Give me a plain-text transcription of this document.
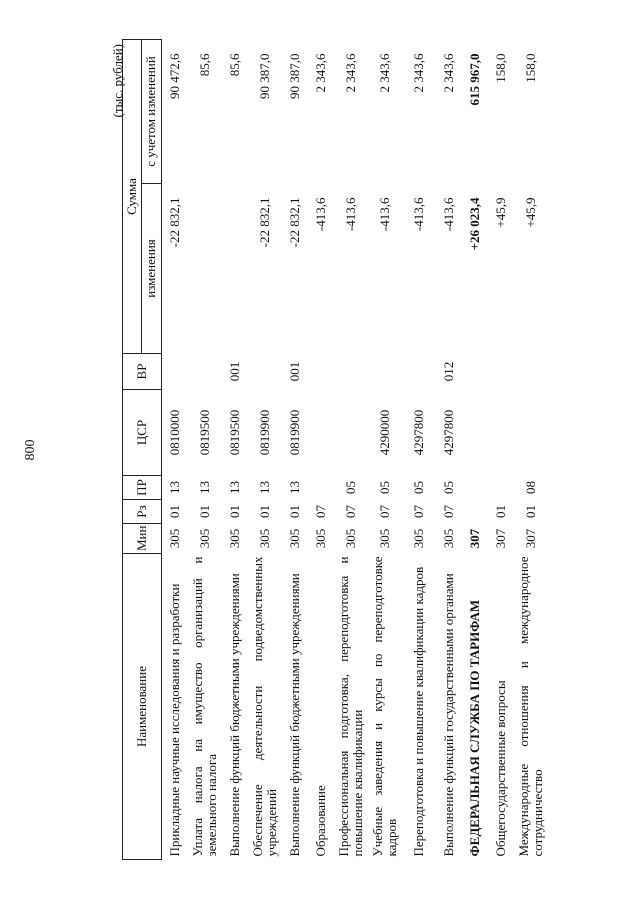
800
(тыс. рублей)
Наименование	Мин	Рз	ПР	ЦСР	ВР	Сумма	
						изменения	с учетом изменений
Прикладные научные исследования и разработки	305	01	13	0810000		-22 832,1	90 472,6
Уплата налога на имущество организаций и земельного налога	305	01	13	0819500			85,6
Выполнение функций бюджетными учреждениями	305	01	13	0819500	001		85,6
Обеспечение деятельности подведомственных учреждений	305	01	13	0819900		-22 832,1	90 387,0
Выполнение функций бюджетными учреждениями	305	01	13	0819900	001	-22 832,1	90 387,0
Образование	305	07				-413,6	2 343,6
Профессиональная подготовка, переподготовка и повышение квалификации	305	07	05			-413,6	2 343,6
Учебные заведения и курсы по переподготовке кадров	305	07	05	4290000		-413,6	2 343,6
Переподготовка и повышение квалификации кадров	305	07	05	4297800		-413,6	2 343,6
Выполнение функций государственными органами	305	07	05	4297800	012	-413,6	2 343,6
ФЕДЕРАЛЬНАЯ СЛУЖБА ПО ТАРИФАМ	307					+26 023,4	615 967,0
Общегосударственные вопросы	307	01				+45,9	158,0
Международные отношения и международное сотрудничество	307	01	08			+45,9	158,0
